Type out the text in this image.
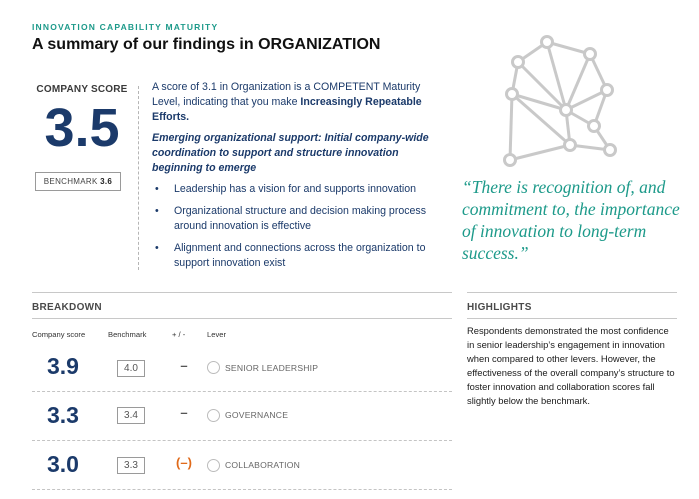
INNOVATION CAPABILITY MATURITY
A summary of our findings in ORGANIZATION
COMPANY SCORE
3.5
BENCHMARK 3.6
A score of 3.1 in Organization is a COMPETENT Maturity Level, indicating that you make Increasingly Repeatable Efforts.
Emerging organizational support: Initial company-wide coordination to support and structure innovation beginning to emerge
• Leadership has a vision for and supports innovation
• Organizational structure and decision making process around innovation is effective
• Alignment and connections across the organization to support innovation exist
“There is recognition of, and commitment to, the importance of innovation to long-term success.”
BREAKDOWN
Company score	Benchmark	+ / -	Lever
3.9	4.0	–	SENIOR LEADERSHIP
3.3	3.4	–	GOVERNANCE
3.0	3.3	(–)	COLLABORATION
HIGHLIGHTS
Respondents demonstrated the most confidence in senior leadership’s engagement in innovation when compared to other levers. However, the effectiveness of the overall company’s structure to foster innovation and collaboration scores fall slightly below the benchmark.
